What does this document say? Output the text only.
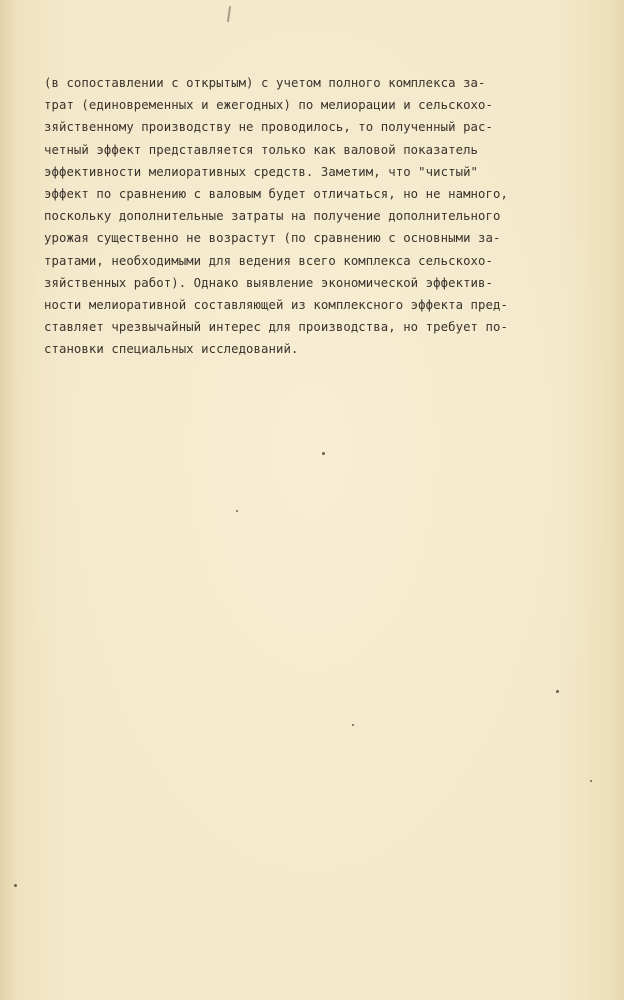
(в сопоставлении с открытым) с учетом полного комплекса за-
трат (единовременных и ежегодных) по мелиорации и сельскохо-
зяйственному производству не проводилось, то полученный рас-
четный эффект представляется только как валовой показатель
эффективности мелиоративных средств. Заметим, что "чистый"
эффект по сравнению с валовым будет отличаться, но не намного,
поскольку дополнительные затраты на получение дополнительного
урожая существенно не возрастут (по сравнению с основными за-
тратами, необходимыми для ведения всего комплекса сельскохо-
зяйственных работ). Однако выявление экономической эффектив-
ности мелиоративной составляющей из комплексного эффекта пред-
ставляет чрезвычайный интерес для производства, но требует по-
становки специальных исследований.
